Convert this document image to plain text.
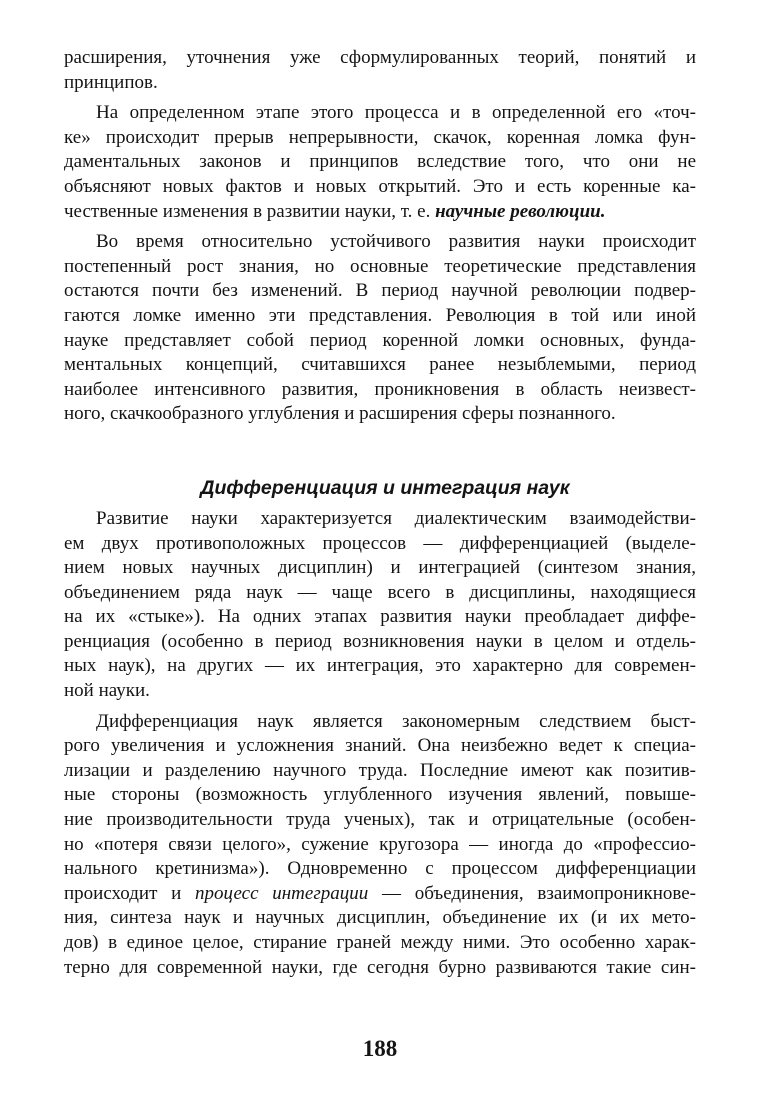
расширения, уточнения уже сформулированных теорий, понятий и
принципов.
На определенном этапе этого процесса и в определенной его «точ-
ке» происходит прерыв непрерывности, скачок, коренная ломка фун-
даментальных законов и принципов вследствие того, что они не
объясняют новых фактов и новых открытий. Это и есть коренные ка-
чественные изменения в развитии науки, т. е. научные революции.
Во время относительно устойчивого развития науки происходит
постепенный рост знания, но основные теоретические представления
остаются почти без изменений. В период научной революции подвер-
гаются ломке именно эти представления. Революция в той или иной
науке представляет собой период коренной ломки основных, фунда-
ментальных концепций, считавшихся ранее незыблемыми, период
наиболее интенсивного развития, проникновения в область неизвест-
ного, скачкообразного углубления и расширения сферы познанного.
Дифференциация и интеграция наук
Развитие науки характеризуется диалектическим взаимодействи-
ем двух противоположных процессов — дифференциацией (выделе-
нием новых научных дисциплин) и интеграцией (синтезом знания,
объединением ряда наук — чаще всего в дисциплины, находящиеся
на их «стыке»). На одних этапах развития науки преобладает диффе-
ренциация (особенно в период возникновения науки в целом и отдель-
ных наук), на других — их интеграция, это характерно для современ-
ной науки.
Дифференциация наук является закономерным следствием быст-
рого увеличения и усложнения знаний. Она неизбежно ведет к специа-
лизации и разделению научного труда. Последние имеют как позитив-
ные стороны (возможность углубленного изучения явлений, повыше-
ние производительности труда ученых), так и отрицательные (особен-
но «потеря связи целого», сужение кругозора — иногда до «профессио-
нального кретинизма»). Одновременно с процессом дифференциации
происходит и процесс интеграции — объединения, взаимопроникнове-
ния, синтеза наук и научных дисциплин, объединение их (и их мето-
дов) в единое целое, стирание граней между ними. Это особенно харак-
терно для современной науки, где сегодня бурно развиваются такие син-
188
